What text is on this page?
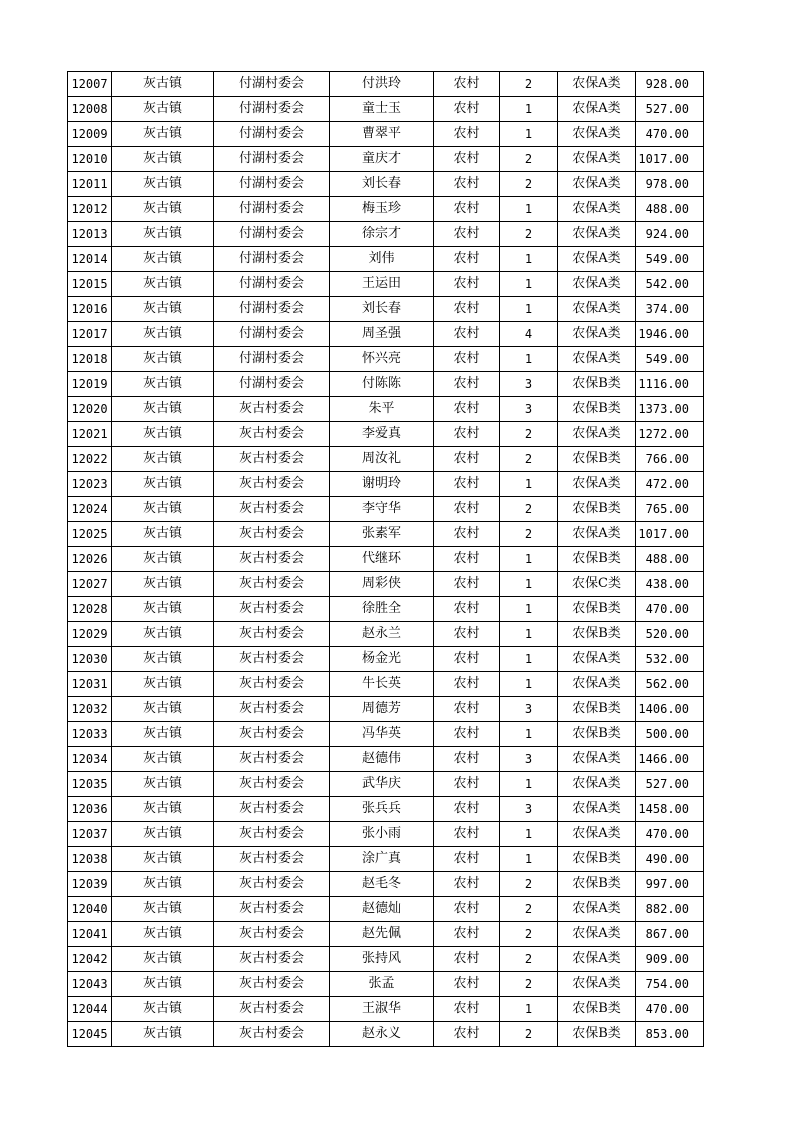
12007	灰古镇	付湖村委会	付洪玲	农村	2	农保A类	928.00
12008	灰古镇	付湖村委会	童士玉	农村	1	农保A类	527.00
12009	灰古镇	付湖村委会	曹翠平	农村	1	农保A类	470.00
12010	灰古镇	付湖村委会	童庆才	农村	2	农保A类	1017.00
12011	灰古镇	付湖村委会	刘长春	农村	2	农保A类	978.00
12012	灰古镇	付湖村委会	梅玉珍	农村	1	农保A类	488.00
12013	灰古镇	付湖村委会	徐宗才	农村	2	农保A类	924.00
12014	灰古镇	付湖村委会	刘伟	农村	1	农保A类	549.00
12015	灰古镇	付湖村委会	王运田	农村	1	农保A类	542.00
12016	灰古镇	付湖村委会	刘长春	农村	1	农保A类	374.00
12017	灰古镇	付湖村委会	周圣强	农村	4	农保A类	1946.00
12018	灰古镇	付湖村委会	怀兴亮	农村	1	农保A类	549.00
12019	灰古镇	付湖村委会	付陈陈	农村	3	农保B类	1116.00
12020	灰古镇	灰古村委会	朱平	农村	3	农保B类	1373.00
12021	灰古镇	灰古村委会	李爱真	农村	2	农保A类	1272.00
12022	灰古镇	灰古村委会	周汝礼	农村	2	农保B类	766.00
12023	灰古镇	灰古村委会	谢明玲	农村	1	农保A类	472.00
12024	灰古镇	灰古村委会	李守华	农村	2	农保B类	765.00
12025	灰古镇	灰古村委会	张素军	农村	2	农保A类	1017.00
12026	灰古镇	灰古村委会	代继环	农村	1	农保B类	488.00
12027	灰古镇	灰古村委会	周彩侠	农村	1	农保C类	438.00
12028	灰古镇	灰古村委会	徐胜全	农村	1	农保B类	470.00
12029	灰古镇	灰古村委会	赵永兰	农村	1	农保B类	520.00
12030	灰古镇	灰古村委会	杨金光	农村	1	农保A类	532.00
12031	灰古镇	灰古村委会	牛长英	农村	1	农保A类	562.00
12032	灰古镇	灰古村委会	周德芳	农村	3	农保B类	1406.00
12033	灰古镇	灰古村委会	冯华英	农村	1	农保B类	500.00
12034	灰古镇	灰古村委会	赵德伟	农村	3	农保A类	1466.00
12035	灰古镇	灰古村委会	武华庆	农村	1	农保A类	527.00
12036	灰古镇	灰古村委会	张兵兵	农村	3	农保A类	1458.00
12037	灰古镇	灰古村委会	张小雨	农村	1	农保A类	470.00
12038	灰古镇	灰古村委会	涂广真	农村	1	农保B类	490.00
12039	灰古镇	灰古村委会	赵毛冬	农村	2	农保B类	997.00
12040	灰古镇	灰古村委会	赵德灿	农村	2	农保A类	882.00
12041	灰古镇	灰古村委会	赵先佩	农村	2	农保A类	867.00
12042	灰古镇	灰古村委会	张持风	农村	2	农保A类	909.00
12043	灰古镇	灰古村委会	张孟	农村	2	农保A类	754.00
12044	灰古镇	灰古村委会	王淑华	农村	1	农保B类	470.00
12045	灰古镇	灰古村委会	赵永义	农村	2	农保B类	853.00
